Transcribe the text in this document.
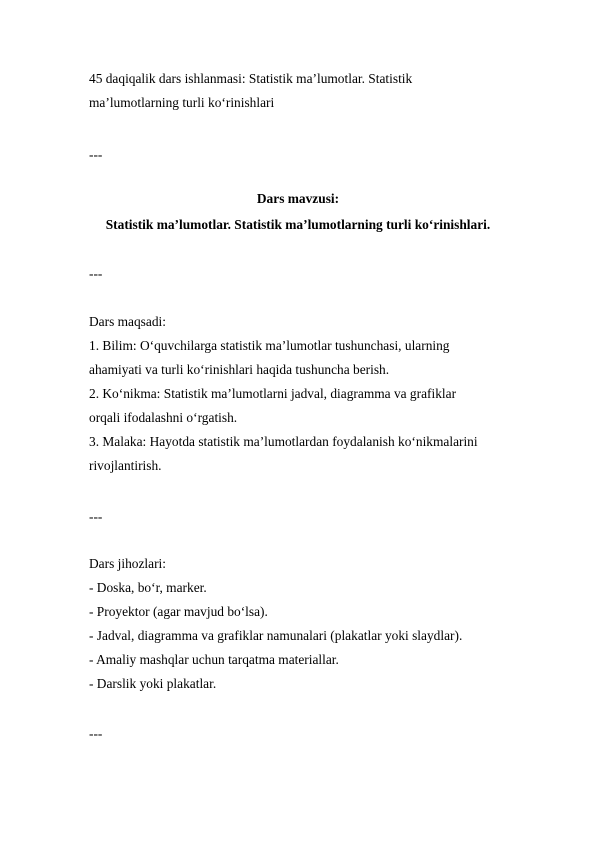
45 daqiqalik dars ishlanmasi: Statistik ma’lumotlar. Statistik
ma’lumotlarning turli ko‘rinishlari
---
Dars mavzusi:
Statistik ma’lumotlar. Statistik ma’lumotlarning turli ko‘rinishlari.
---
Dars maqsadi:
1. Bilim: O‘quvchilarga statistik ma’lumotlar tushunchasi, ularning
ahamiyati va turli ko‘rinishlari haqida tushuncha berish.
2. Ko‘nikma: Statistik ma’lumotlarni jadval, diagramma va grafiklar
orqali ifodalashni o‘rgatish.
3. Malaka: Hayotda statistik ma’lumotlardan foydalanish ko‘nikmalarini
rivojlantirish.
---
Dars jihozlari:
- Doska, bo‘r, marker.
- Proyektor (agar mavjud bo‘lsa).
- Jadval, diagramma va grafiklar namunalari (plakatlar yoki slaydlar).
- Amaliy mashqlar uchun tarqatma materiallar.
- Darslik yoki plakatlar.
---
